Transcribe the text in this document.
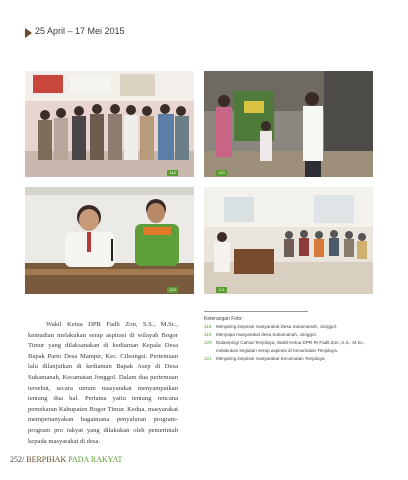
25 April – 17 Mei 2015
118	119
120	121
Wakil Ketua DPR Fadli Zon, S.S., M.Sc., kemudian melakukan serap aspirasi di wilayah Bogor Timur yang dilaksanakan di kediaman Kepala Desa Bapak Parto Desa Mampir, Kec. Cileungsi. Pertemuan lalu dilanjutkan di kediaman Bapak Asep di Desa Sukamanah, Kecamatan Jonggol. Dalam dua pertemuan tersebut, secara umum masyarakat menyampaikan tentang dua hal. Pertama yaitu tentang rencana pemekaran Kabupaten Bogor Timur. Kedua, masyarakat mempertanyakan bagaimana penyaluran program-program pro rakyat yang dilakukan oleh pemerintah kepada masyarakat di desa.
Keterangan Foto:
118	Menjaring inspirasi masyarakat Desa Sukamanah, Jonggol.
119	Menyapa masyarakat desa Sukamanah, Jonggol.
120 Didampingi Camat Tenjolaya, Wakil Ketua DPR RI Fadli Zon, S.S., M.Sc., melakukan kegiatan serap aspirasi di Kecamatan Tenjolaya.
121 Menjaring inspirasi masyarakat Kecamatan Tenjolaya.
252/ BERPIHAK PADA RAKYAT
